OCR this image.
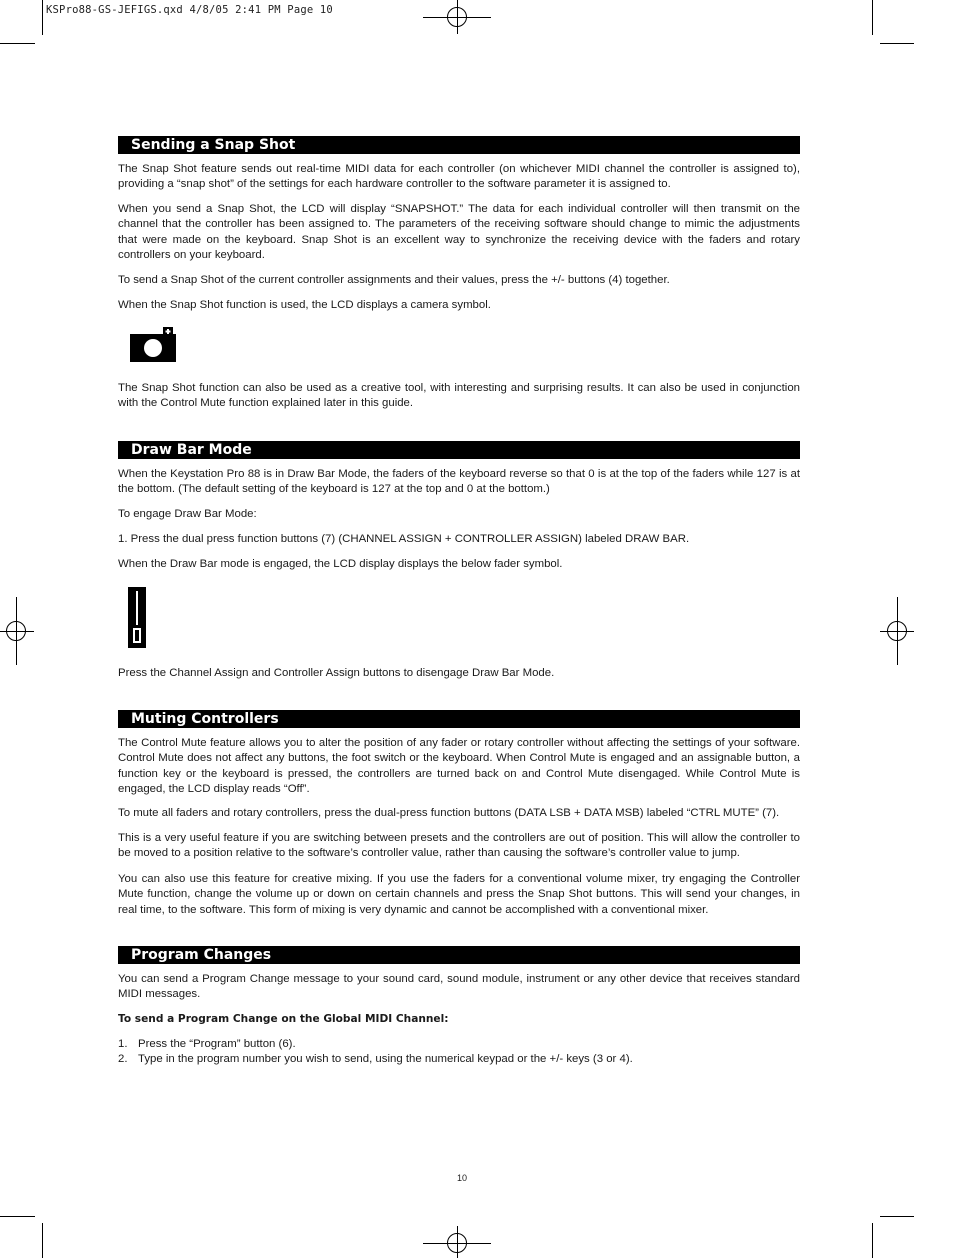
KSPro88-GS-JEFIGS.qxd 4/8/05 2:41 PM Page 10
Sending a Snap Shot

The Snap Shot feature sends out real-time MIDI data for each controller (on whichever MIDI channel the controller is assigned to), providing a “snap shot” of the settings for each hardware controller to the software parameter it is assigned to.

When you send a Snap Shot, the LCD will display “SNAPSHOT.” The data for each individual controller will then transmit on the channel that the controller has been assigned to. The parameters of the receiving software should change to mimic the adjustments that were made on the keyboard. Snap Shot is an excellent way to synchronize the receiving device with the faders and rotary controllers on your keyboard.

To send a Snap Shot of the current controller assignments and their values, press the +/- buttons (4) together.

When the Snap Shot function is used, the LCD displays a camera symbol.

The Snap Shot function can also be used as a creative tool, with interesting and surprising results. It can also be used in conjunction with the Control Mute function explained later in this guide.

Draw Bar Mode

When the Keystation Pro 88 is in Draw Bar Mode, the faders of the keyboard reverse so that 0 is at the top of the faders while 127 is at the bottom. (The default setting of the keyboard is 127 at the top and 0 at the bottom.)

To engage Draw Bar Mode:

1. Press the dual press function buttons (7) (CHANNEL ASSIGN + CONTROLLER ASSIGN) labeled DRAW BAR.

When the Draw Bar mode is engaged, the LCD display displays the below fader symbol.

Press the Channel Assign and Controller Assign buttons to disengage Draw Bar Mode.

Muting Controllers

The Control Mute feature allows you to alter the position of any fader or rotary controller without affecting the settings of your software. Control Mute does not affect any buttons, the foot switch or the keyboard. When Control Mute is engaged and an assignable button, a function key or the keyboard is pressed, the controllers are turned back on and Control Mute disengaged. While Control Mute is engaged, the LCD display reads “Off”.

To mute all faders and rotary controllers, press the dual-press function buttons (DATA LSB + DATA MSB) labeled “CTRL MUTE” (7).

This is a very useful feature if you are switching between presets and the controllers are out of position. This will allow the controller to be moved to a position relative to the software’s controller value, rather than causing the software’s controller value to jump.

You can also use this feature for creative mixing. If you use the faders for a conventional volume mixer, try engaging the Controller Mute function, change the volume up or down on certain channels and press the Snap Shot buttons. This will send your changes, in real time, to the software. This form of mixing is very dynamic and cannot be accomplished with a conventional mixer.

Program Changes

You can send a Program Change message to your sound card, sound module, instrument or any other device that receives standard MIDI messages.

To send a Program Change on the Global MIDI Channel:

1. Press the “Program” button (6).
2. Type in the program number you wish to send, using the numerical keypad or the +/- keys (3 or 4).
10
